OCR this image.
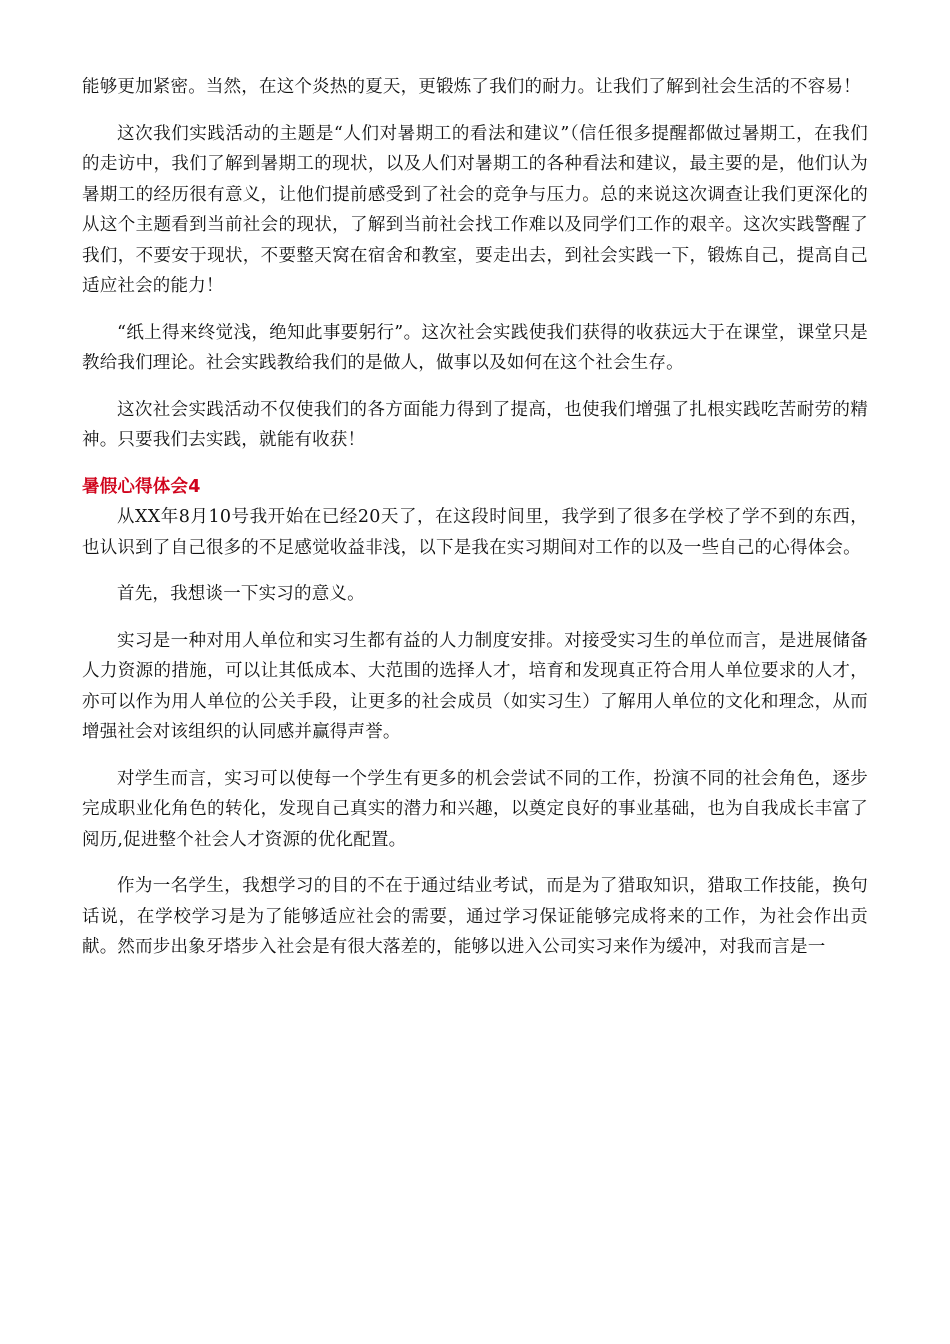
能够更加紧密。当然，在这个炎热的夏天，更锻炼了我们的耐力。让我们了解到社会生活的不容易！

这次我们实践活动的主题是“人们对暑期工的看法和建议”（信任很多提醒都做过暑期工，在我们的走访中，我们了解到暑期工的现状，以及人们对暑期工的各种看法和建议，最主要的是，他们认为暑期工的经历很有意义，让他们提前感受到了社会的竞争与压力。总的来说这次调查让我们更深化的从这个主题看到当前社会的现状，了解到当前社会找工作难以及同学们工作的艰辛。这次实践警醒了我们，不要安于现状，不要整天窝在宿舍和教室，要走出去，到社会实践一下，锻炼自己，提高自己适应社会的能力！

“纸上得来终觉浅，绝知此事要躬行”。这次社会实践使我们获得的收获远大于在课堂，课堂只是教给我们理论。社会实践教给我们的是做人，做事以及如何在这个社会生存。

这次社会实践活动不仅使我们的各方面能力得到了提高，也使我们增强了扎根实践吃苦耐劳的精神。只要我们去实践，就能有收获！

暑假心得体会4

从XX年8月10号我开始在已经20天了，在这段时间里，我学到了很多在学校了学不到的东西，也认识到了自己很多的不足感觉收益非浅，以下是我在实习期间对工作的以及一些自己的心得体会。

首先，我想谈一下实习的意义。

实习是一种对用人单位和实习生都有益的人力制度安排。对接受实习生的单位而言，是进展储备人力资源的措施，可以让其低成本、大范围的选择人才，培育和发现真正符合用人单位要求的人才，亦可以作为用人单位的公关手段，让更多的社会成员（如实习生）了解用人单位的文化和理念，从而增强社会对该组织的认同感并赢得声誉。

对学生而言，实习可以使每一个学生有更多的机会尝试不同的工作，扮演不同的社会角色，逐步完成职业化角色的转化，发现自己真实的潜力和兴趣，以奠定良好的事业基础，也为自我成长丰富了阅历,促进整个社会人才资源的优化配置。

作为一名学生，我想学习的目的不在于通过结业考试，而是为了猎取知识，猎取工作技能，换句话说，在学校学习是为了能够适应社会的需要，通过学习保证能够完成将来的工作，为社会作出贡献。然而步出象牙塔步入社会是有很大落差的，能够以进入公司实习来作为缓冲，对我而言是一
